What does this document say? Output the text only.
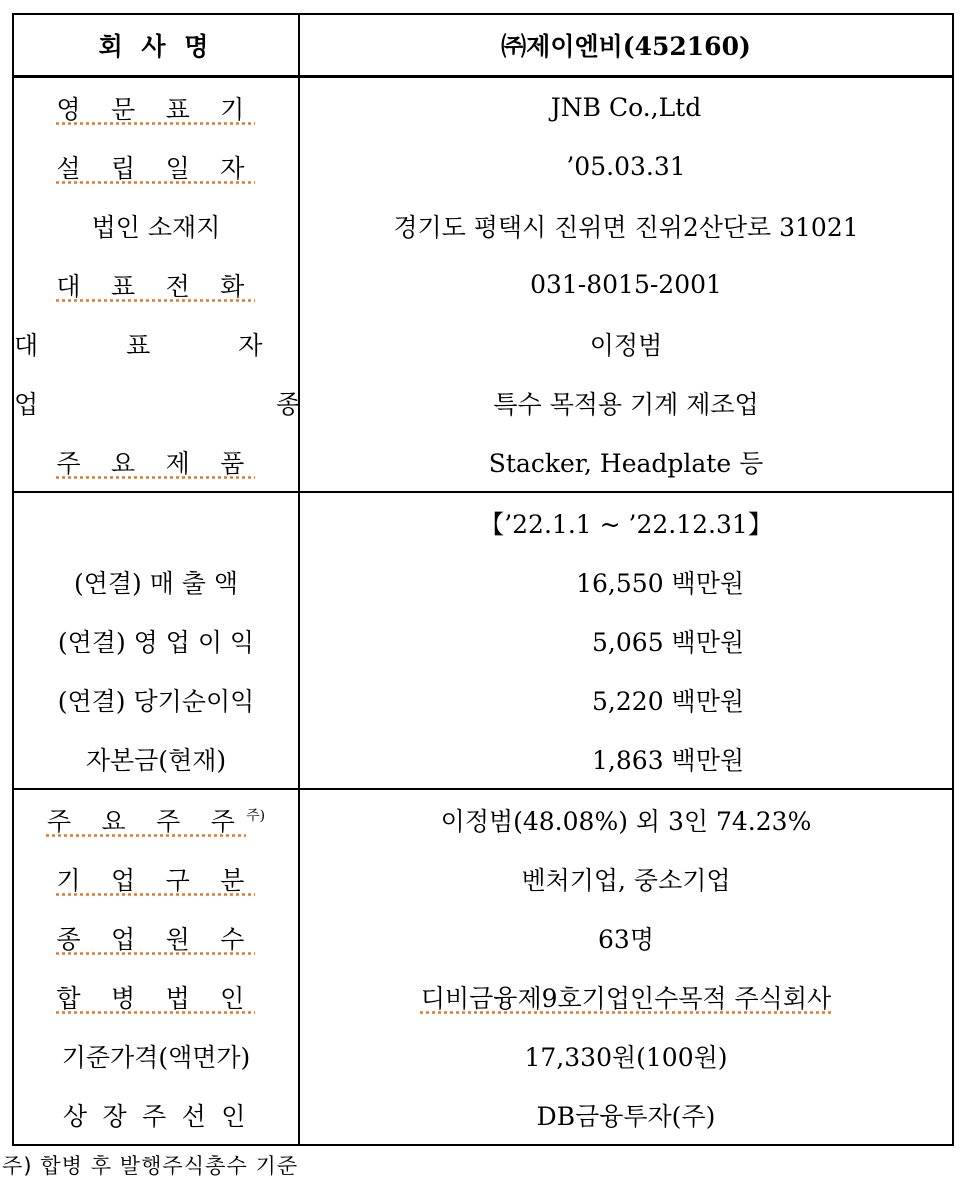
회 사 명	㈜제이엔비(452160)
영 문 표 기	JNB Co.,Ltd
설 립 일 자	’05.03.31
법인 소재지	경기도 평택시 진위면 진위2산단로 31021
대 표 전 화	031-8015-2001
대 표 자	이정범
업 종	특수 목적용 기계 제조업
주 요 제 품	Stacker, Headplate 등
	【’22.1.1 ~ ’22.12.31】
(연결) 매 출 액	16,550 백만원

(연결) 영 업 이 익	5,065 백만원

(연결) 당기순이익	5,220 백만원

자본금(현재)	1,863 백만원

주 요 주 주$^{주)}$	이정범(48.08%) 외 3인 74.23%
기 업 구 분	벤처기업, 중소기업
종 업 원 수	63명
합 병 법 인	디비금융제9호기업인수목적 주식회사
기준가격(액면가)	17,330원(100원)
상 장 주 선 인	DB금융투자(주)
주) 합병 후 발행주식총수 기준
